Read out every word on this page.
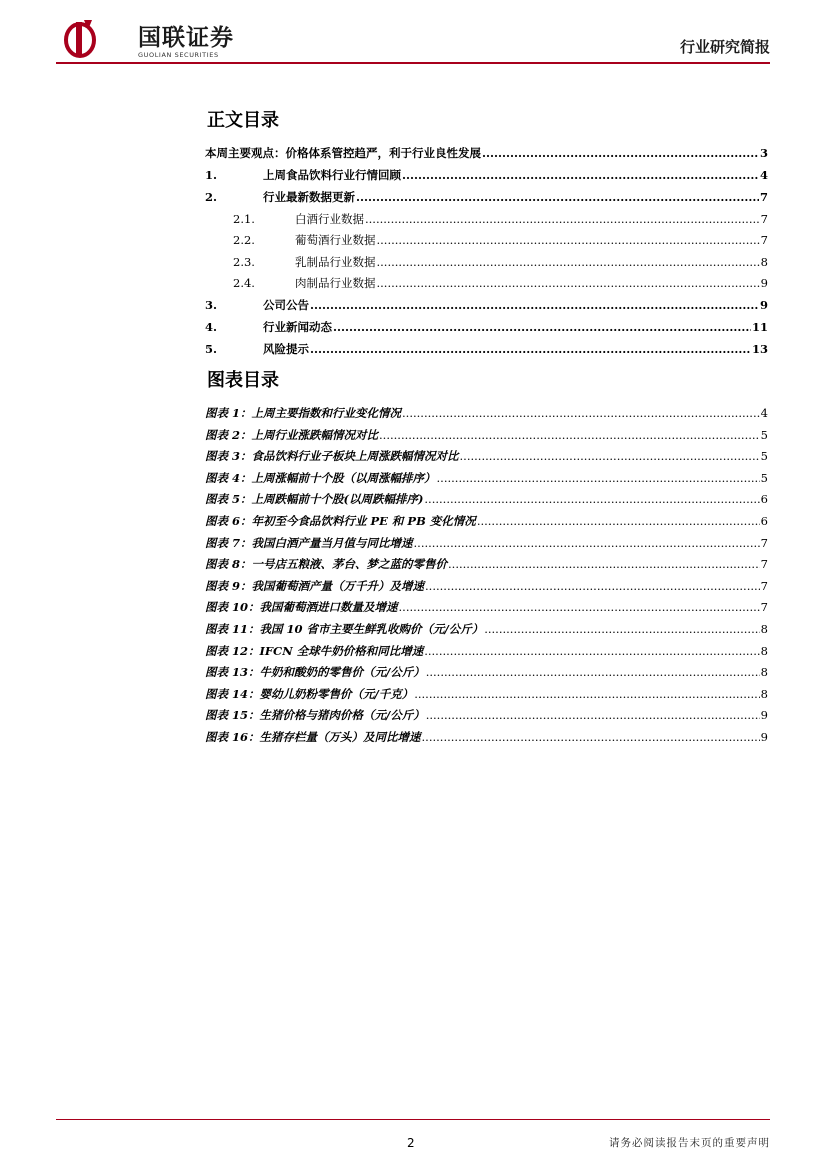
国联证券
GUOLIAN SECURITIES	行业研究简报
正文目录
本周主要观点：价格体系管控趋严，利于行业良性发展 .....	3
1.	上周食品饮料行业行情回顾 .....	4
2.	行业最新数据更新 .....	7
2.1.	白酒行业数据 .....	7
2.2.	葡萄酒行业数据 .....	7
2.3.	乳制品行业数据 .....	8
2.4.	肉制品行业数据 .....	9
3.	公司公告 .....	9
4.	行业新闻动态 .....	11
5.	风险提示 .....	13
图表目录
图表 1：上周主要指数和行业变化情况 .....	4
图表 2：上周行业涨跌幅情况对比 .....	5
图表 3：食品饮料行业子板块上周涨跌幅情况对比 .....	5
图表 4：上周涨幅前十个股（以周涨幅排序） .....	5
图表 5：上周跌幅前十个股(以周跌幅排序) .....	6
图表 6：年初至今食品饮料行业 PE 和 PB 变化情况 .....	6
图表 7：我国白酒产量当月值与同比增速 .....	7
图表 8：一号店五粮液、茅台、梦之蓝的零售价 .....	7
图表 9：我国葡萄酒产量（万千升）及增速 .....	7
图表 10：我国葡萄酒进口数量及增速 .....	7
图表 11：我国 10 省市主要生鲜乳收购价（元/公斤） .....	8
图表 12：IFCN 全球牛奶价格和同比增速 .....	8
图表 13：牛奶和酸奶的零售价（元/公斤） .....	8
图表 14：婴幼儿奶粉零售价（元/千克） .....	8
图表 15：生猪价格与猪肉价格（元/公斤） .....	9
图表 16：生猪存栏量（万头）及同比增速 .....	9
2	请务必阅读报告末页的重要声明
